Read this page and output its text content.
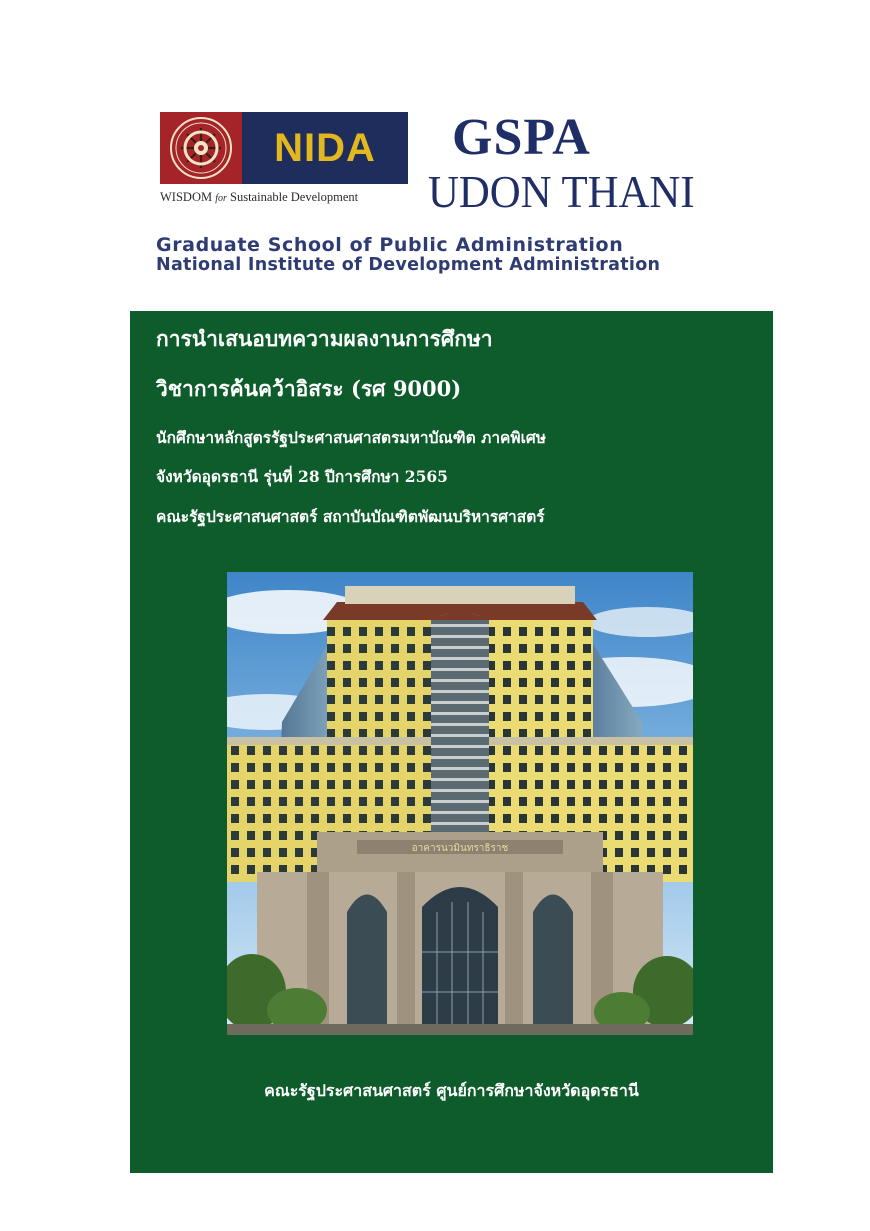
NIDA
WISDOM for Sustainable Development
GSPA
UDON THANI
Graduate School of Public Administration
National Institute of Development Administration
การนำเสนอบทความผลงานการศึกษา
วิชาการค้นคว้าอิสระ (รศ 9000)
นักศึกษาหลักสูตรรัฐประศาสนศาสตรมหาบัณฑิต ภาคพิเศษ
จังหวัดอุดรธานี รุ่นที่ 28 ปีการศึกษา 2565
คณะรัฐประศาสนศาสตร์ สถาบันบัณฑิตพัฒนบริหารศาสตร์
อาคารนวมินทราธิราช
คณะรัฐประศาสนศาสตร์ ศูนย์การศึกษาจังหวัดอุดรธานี
